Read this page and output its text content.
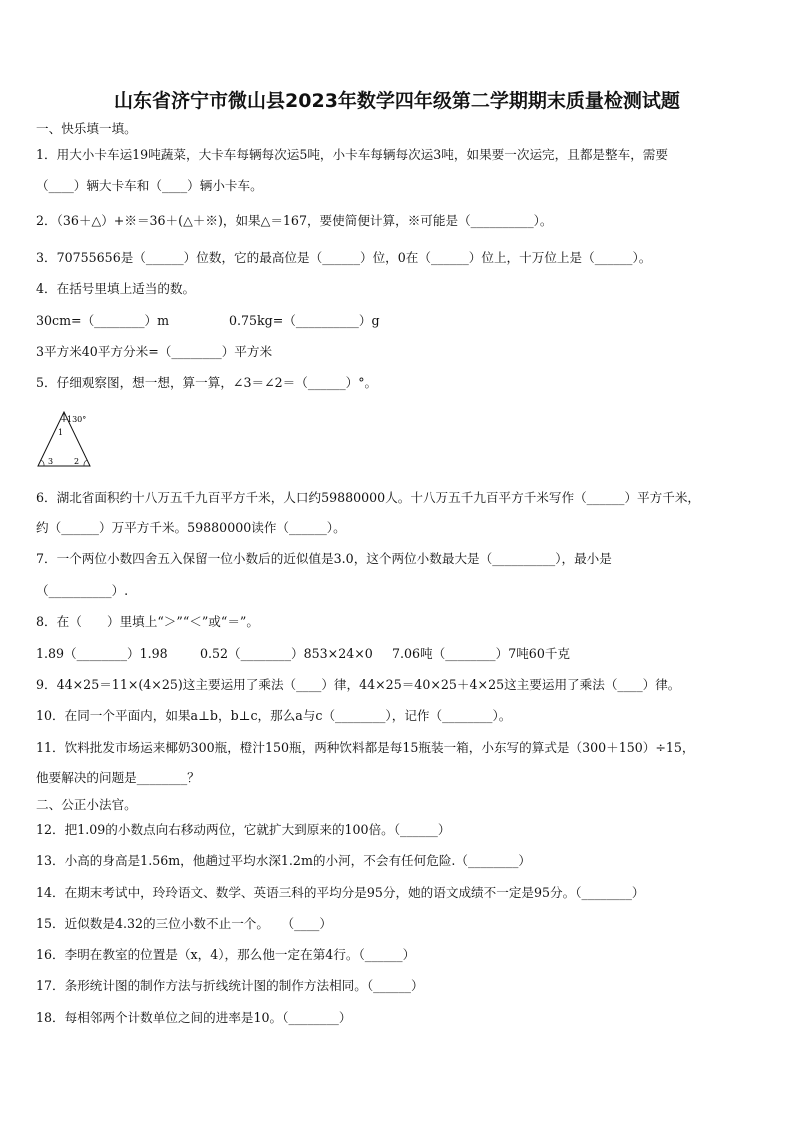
山东省济宁市微山县2023年数学四年级第二学期期末质量检测试题
一、快乐填一填。
1．用大小卡车运19吨蔬菜，大卡车每辆每次运5吨，小卡车每辆每次运3吨，如果要一次运完，且都是整车，需要
（____）辆大卡车和（____）辆小卡车。
2．（36＋△）+※＝36＋(△＋※)，如果△＝167，要使简便计算，※可能是（__________）。
3．70755656是（______）位数，它的最高位是（______）位，0在（______）位上，十万位上是（______）。
4．在括号里填上适当的数。
30cm=（________）m	0.75kg=（__________）g
3平方米40平方分米=（________）平方米
5．仔细观察图，想一想，算一算，∠3＝∠2＝（______）°。
130°
1
3	2
6．湖北省面积约十八万五千九百平方千米，人口约59880000人。十八万五千九百平方千米写作（______）平方千米，
约（______）万平方千米。59880000读作（______）。
7．一个两位小数四舍五入保留一位小数后的近似值是3.0，这个两位小数最大是（__________），最小是
（__________）.
8．在（　　）里填上“＞”“＜”或“＝”。
1.89（________）1.98	0.52（________）853×24×0	7.06吨（________）7吨60千克
9．44×25＝11×(4×25)这主要运用了乘法（____）律，44×25＝40×25＋4×25这主要运用了乘法（____）律。
10．在同一个平面内，如果a⊥b，b⊥c，那么a与c（________），记作（________）。
11．饮料批发市场运来椰奶300瓶，橙汁150瓶，两种饮料都是每15瓶装一箱，小东写的算式是（300＋150）÷15，
他要解决的问题是________？
二、公正小法官。
12．把1.09的小数点向右移动两位，它就扩大到原来的100倍。（______）
13．小高的身高是1.56m，他趟过平均水深1.2m的小河，不会有任何危险.（________）
14．在期末考试中，玲玲语文、数学、英语三科的平均分是95分，她的语文成绩不一定是95分。（________）
15．近似数是4.32的三位小数不止一个。　　（____）
16．李明在教室的位置是（x，4），那么他一定在第4行。（______）
17．条形统计图的制作方法与折线统计图的制作方法相同。（______）
18．每相邻两个计数单位之间的进率是10。（________）
